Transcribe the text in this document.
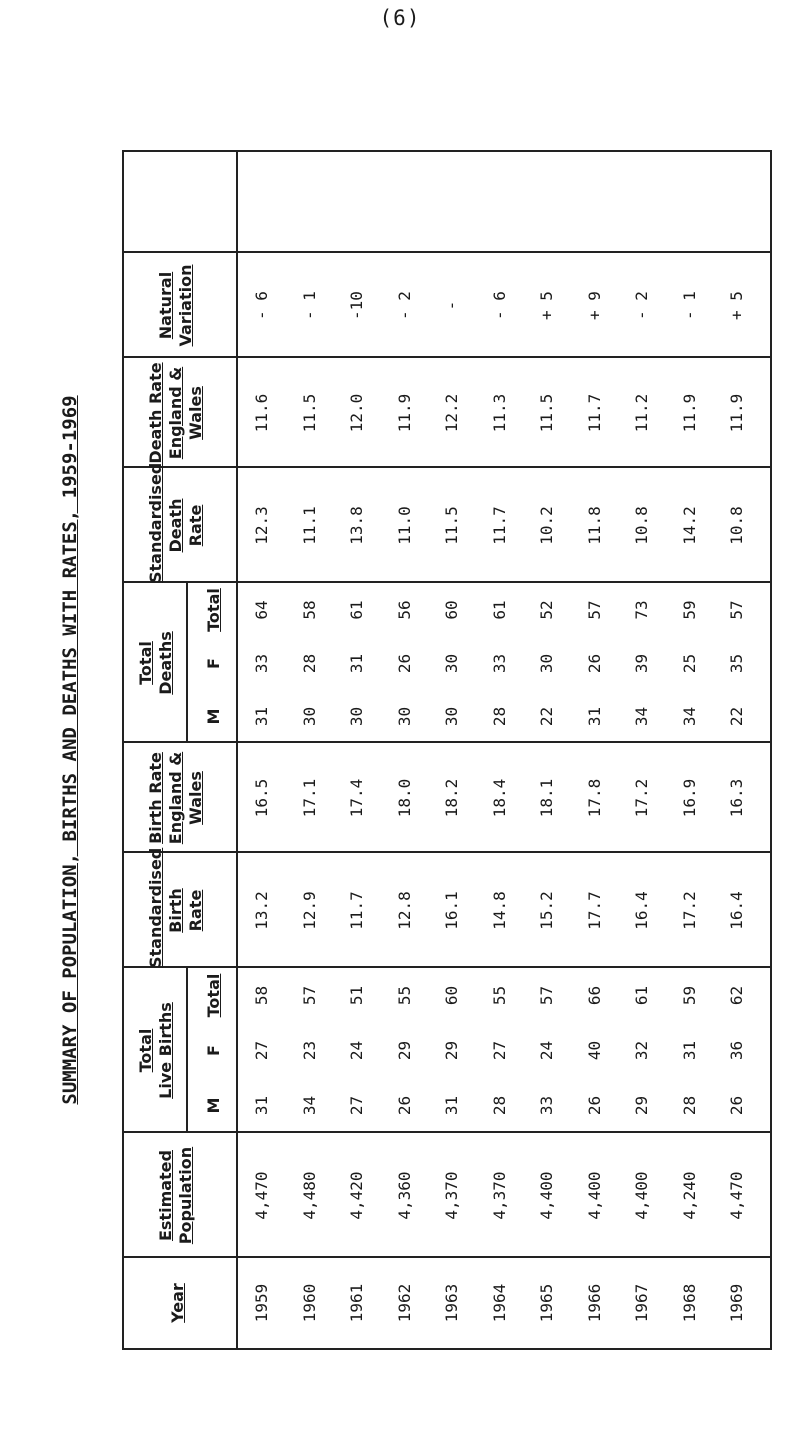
(6)
SUMMARY OF POPULATION, BIRTHS AND DEATHS WITH RATES, 1959-1969
Year
Estimated Population
Total Live Births
M
F
Total
Standardised Birth Rate
Birth Rate England & Wales
Total Deaths
M
F
Total
Standardised Death Rate
Death Rate England & Wales
Natural Variation
1959
4,470
31
27
58
13.2
16.5
31
33
64
12.3
11.6
- 6
1960
4,480
34
23
57
12.9
17.1
30
28
58
11.1
11.5
- 1
1961
4,420
27
24
51
11.7
17.4
30
31
61
13.8
12.0
-10
1962
4,360
26
29
55
12.8
18.0
30
26
56
11.0
11.9
- 2
1963
4,370
31
29
60
16.1
18.2
30
30
60
11.5
12.2
-
1964
4,370
28
27
55
14.8
18.4
28
33
61
11.7
11.3
- 6
1965
4,400
33
24
57
15.2
18.1
22
30
52
10.2
11.5
+ 5
1966
4,400
26
40
66
17.7
17.8
31
26
57
11.8
11.7
+ 9
1967
4,400
29
32
61
16.4
17.2
34
39
73
10.8
11.2
- 2
1968
4,240
28
31
59
17.2
16.9
34
25
59
14.2
11.9
- 1
1969
4,470
26
36
62
16.4
16.3
22
35
57
10.8
11.9
+ 5
